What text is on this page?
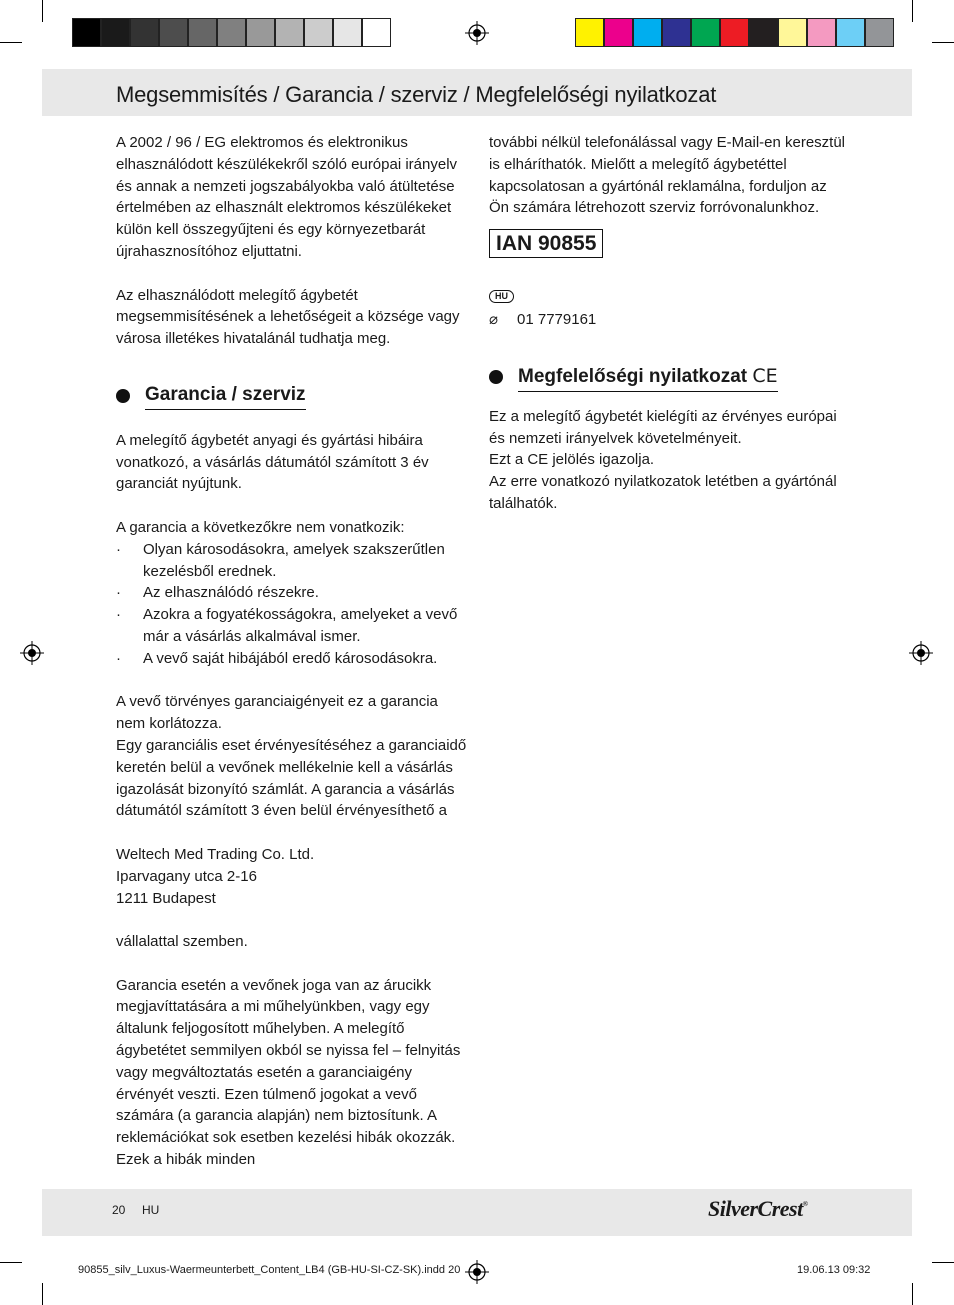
Megsemmisítés / Garancia / szerviz / Megfelelőségi nyilatkozat

A 2002 / 96 / EG elektromos és elektronikus elhasználódott készülékekről szóló európai irányelv és annak a nemzeti jogszabályokba való átültetése értelmében az elhasznált elektromos készülékeket külön kell összegyűjteni és egy környezetbarát újrahasznosítóhoz eljuttatni.

Az elhasználódott melegítő ágybetét megsemmisítésének a lehetőségeit a községe vagy városa illetékes hivatalánál tudhatja meg.

Garancia / szerviz

A melegítő ágybetét anyagi és gyártási hibáira vonatkozó, a vásárlás dátumától számított 3 év garanciát nyújtunk.

A garancia a következőkre nem vonatkozik:

· Olyan károsodásokra, amelyek szakszerűtlen kezelésből erednek.
· Az elhasználódó részekre.
· Azokra a fogyatékosságokra, amelyeket a vevő már a vásárlás alkalmával ismer.
· A vevő saját hibájából eredő károsodásokra.

A vevő törvényes garanciaigényeit ez a garancia nem korlátozza.

Egy garanciális eset érvényesítéséhez a garanciaidő keretén belül a vevőnek mellékelnie kell a vásárlás igazolását bizonyító számlát. A garancia a vásárlás dátumától számított 3 éven belül érvényesíthető a

Weltech Med Trading Co. Ltd.

Iparvagany utca 2-16

1211 Budapest

vállalattal szemben.

Garancia esetén a vevőnek joga van az árucikk megjavíttatására a mi műhelyünkben, vagy egy általunk feljogosított műhelyben. A melegítő ágybetétet semmilyen okból se nyissa fel – felnyitás vagy megváltoztatás esetén a garanciaigény érvényét veszti. Ezen túlmenő jogokat a vevő számára (a garancia alapján) nem biztosítunk. A reklemációkat sok esetben kezelési hibák okozzák. Ezek a hibák minden

további nélkül telefonálással vagy E-Mail-en keresztül is elháríthatók. Mielőtt a melegítő ágybetéttel kapcsolatosan a gyártónál reklamálna, forduljon az Ön számára létrehozott szerviz forróvonalunkhoz.

IAN 90855
HU
⌀	01 7779161
Megfelelőségi nyilatkozat CE

Ez a melegítő ágybetét kielégíti az érvényes európai és nemzeti irányelvek követelményeit.

Ezt a CE jelölés igazolja.

Az erre vonatkozó nyilatkozatok letétben a gyártónál találhatók.

20 HU	SilverCrest®
90855_silv_Luxus-Waermeunterbett_Content_LB4 (GB-HU-SI-CZ-SK).indd 20	19.06.13 09:32
